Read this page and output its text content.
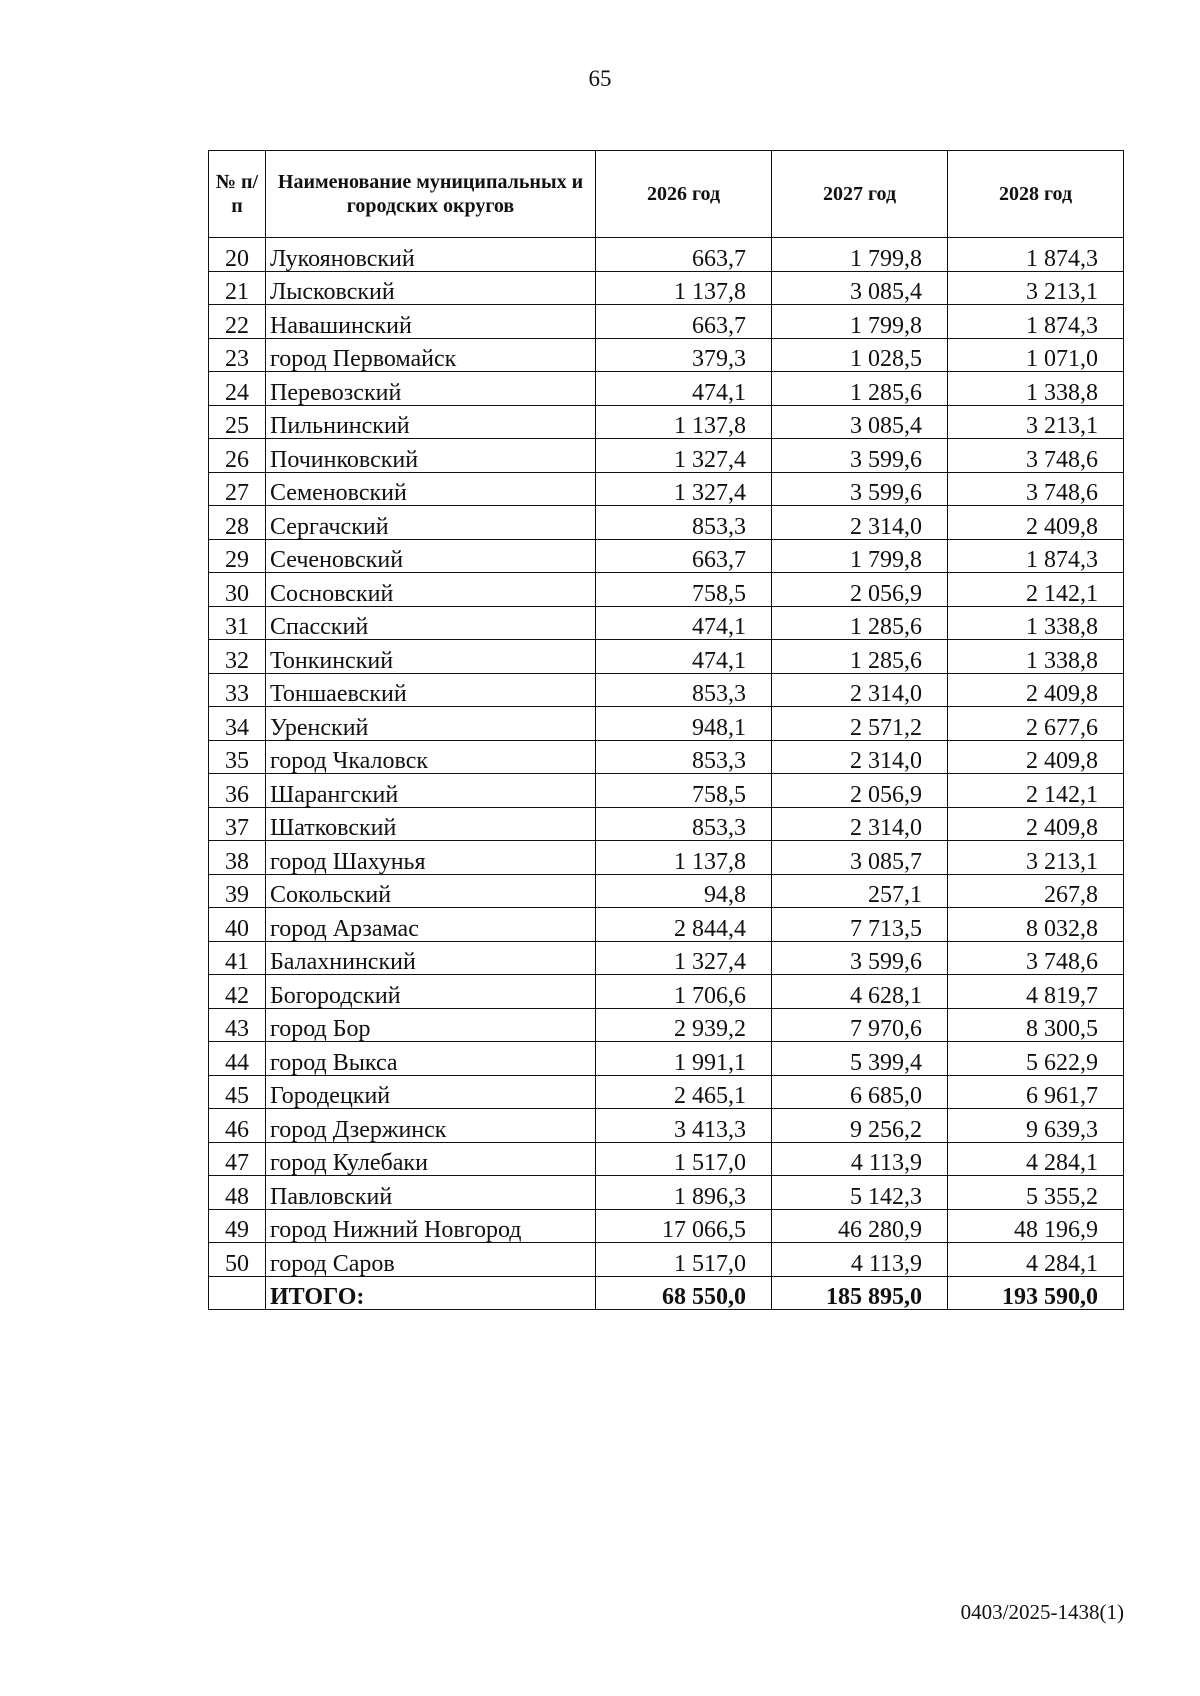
65
№ п/п	Наименование муниципальных и городских округов	2026 год	2027 год	2028 год
20	Лукояновский	663,7	1 799,8	1 874,3
21	Лысковский	1 137,8	3 085,4	3 213,1
22	Навашинский	663,7	1 799,8	1 874,3
23	город Первомайск	379,3	1 028,5	1 071,0
24	Перевозский	474,1	1 285,6	1 338,8
25	Пильнинский	1 137,8	3 085,4	3 213,1
26	Починковский	1 327,4	3 599,6	3 748,6
27	Семеновский	1 327,4	3 599,6	3 748,6
28	Сергачский	853,3	2 314,0	2 409,8
29	Сеченовский	663,7	1 799,8	1 874,3
30	Сосновский	758,5	2 056,9	2 142,1
31	Спасский	474,1	1 285,6	1 338,8
32	Тонкинский	474,1	1 285,6	1 338,8
33	Тоншаевский	853,3	2 314,0	2 409,8
34	Уренский	948,1	2 571,2	2 677,6
35	город Чкаловск	853,3	2 314,0	2 409,8
36	Шарангский	758,5	2 056,9	2 142,1
37	Шатковский	853,3	2 314,0	2 409,8
38	город Шахунья	1 137,8	3 085,7	3 213,1
39	Сокольский	94,8	257,1	267,8
40	город Арзамас	2 844,4	7 713,5	8 032,8
41	Балахнинский	1 327,4	3 599,6	3 748,6
42	Богородский	1 706,6	4 628,1	4 819,7
43	город Бор	2 939,2	7 970,6	8 300,5
44	город Выкса	1 991,1	5 399,4	5 622,9
45	Городецкий	2 465,1	6 685,0	6 961,7
46	город Дзержинск	3 413,3	9 256,2	9 639,3
47	город Кулебаки	1 517,0	4 113,9	4 284,1
48	Павловский	1 896,3	5 142,3	5 355,2
49	город Нижний Новгород	17 066,5	46 280,9	48 196,9
50	город Саров	1 517,0	4 113,9	4 284,1
	ИТОГО:	68 550,0	185 895,0	193 590,0
0403/2025-1438(1)
